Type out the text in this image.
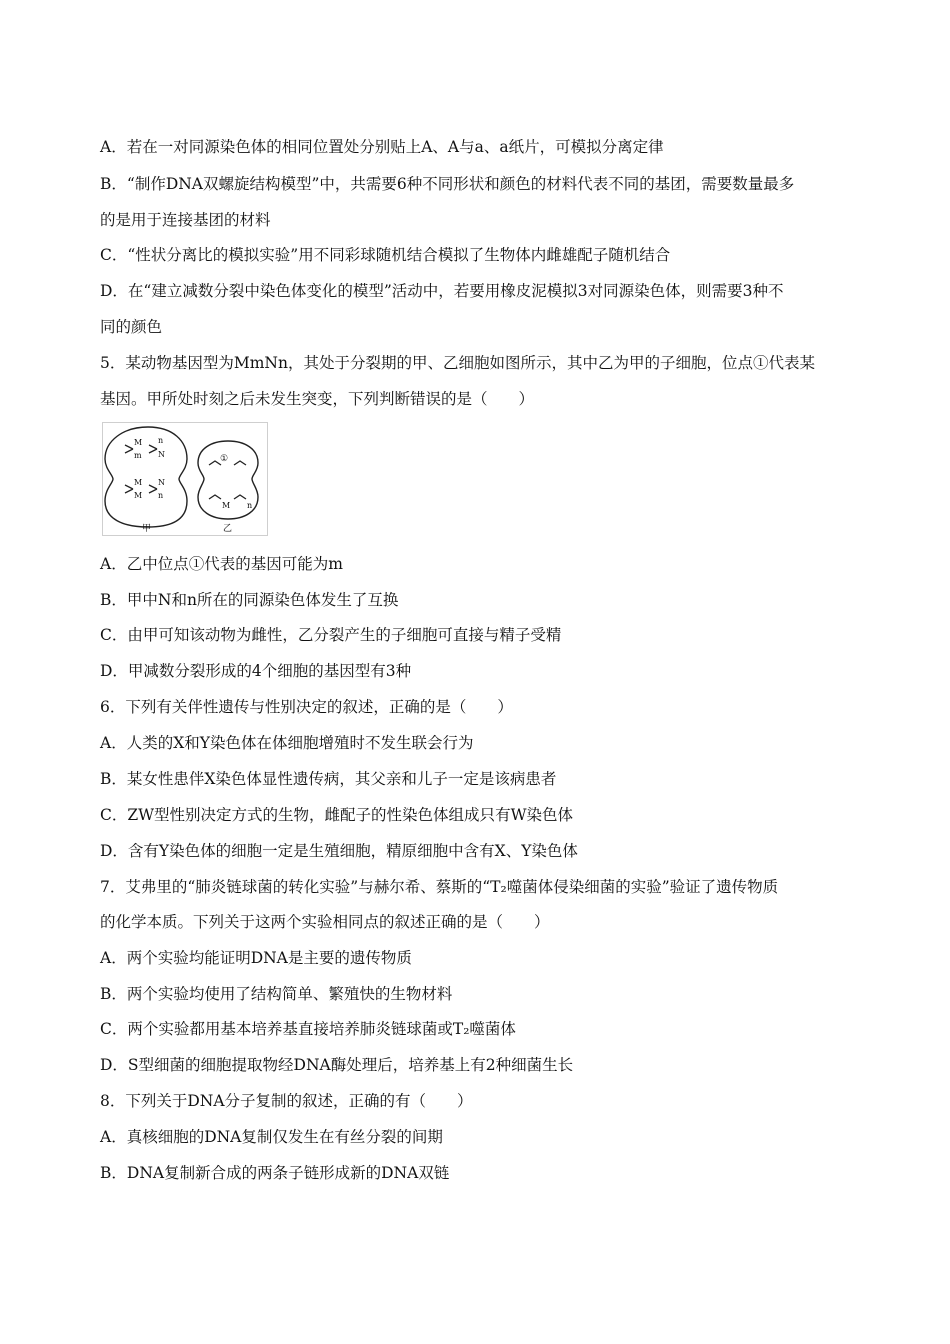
A．若在一对同源染色体的相同位置处分别贴上A、A与a、a纸片，可模拟分离定律
B．“制作DNA双螺旋结构模型”中，共需要6种不同形状和颜色的材料代表不同的基团，需要数量最多
的是用于连接基团的材料
C．“性状分离比的模拟实验”用不同彩球随机结合模拟了生物体内雌雄配子随机结合
D．在“建立减数分裂中染色体变化的模型”活动中，若要用橡皮泥模拟3对同源染色体，则需要3种不
同的颜色
5．某动物基因型为MmNn，其处于分裂期的甲、乙细胞如图所示，其中乙为甲的子细胞，位点①代表某
基因。甲所处时刻之后未发生突变，下列判断错误的是（　　）
M
m
n
N
M
M
N
n
①
M n
甲	乙
A．乙中位点①代表的基因可能为m
B．甲中N和n所在的同源染色体发生了互换
C．由甲可知该动物为雌性，乙分裂产生的子细胞可直接与精子受精
D．甲减数分裂形成的4个细胞的基因型有3种
6．下列有关伴性遗传与性别决定的叙述，正确的是（　　）
A．人类的X和Y染色体在体细胞增殖时不发生联会行为
B．某女性患伴X染色体显性遗传病，其父亲和儿子一定是该病患者
C．ZW型性别决定方式的生物，雌配子的性染色体组成只有W染色体
D．含有Y染色体的细胞一定是生殖细胞，精原细胞中含有X、Y染色体
7．艾弗里的“肺炎链球菌的转化实验”与赫尔希、蔡斯的“T₂噬菌体侵染细菌的实验”验证了遗传物质
的化学本质。下列关于这两个实验相同点的叙述正确的是（　　）
A．两个实验均能证明DNA是主要的遗传物质
B．两个实验均使用了结构简单、繁殖快的生物材料
C．两个实验都用基本培养基直接培养肺炎链球菌或T₂噬菌体
D．S型细菌的细胞提取物经DNA酶处理后，培养基上有2种细菌生长
8．下列关于DNA分子复制的叙述，正确的有（　　）
A．真核细胞的DNA复制仅发生在有丝分裂的间期
B．DNA复制新合成的两条子链形成新的DNA双链
